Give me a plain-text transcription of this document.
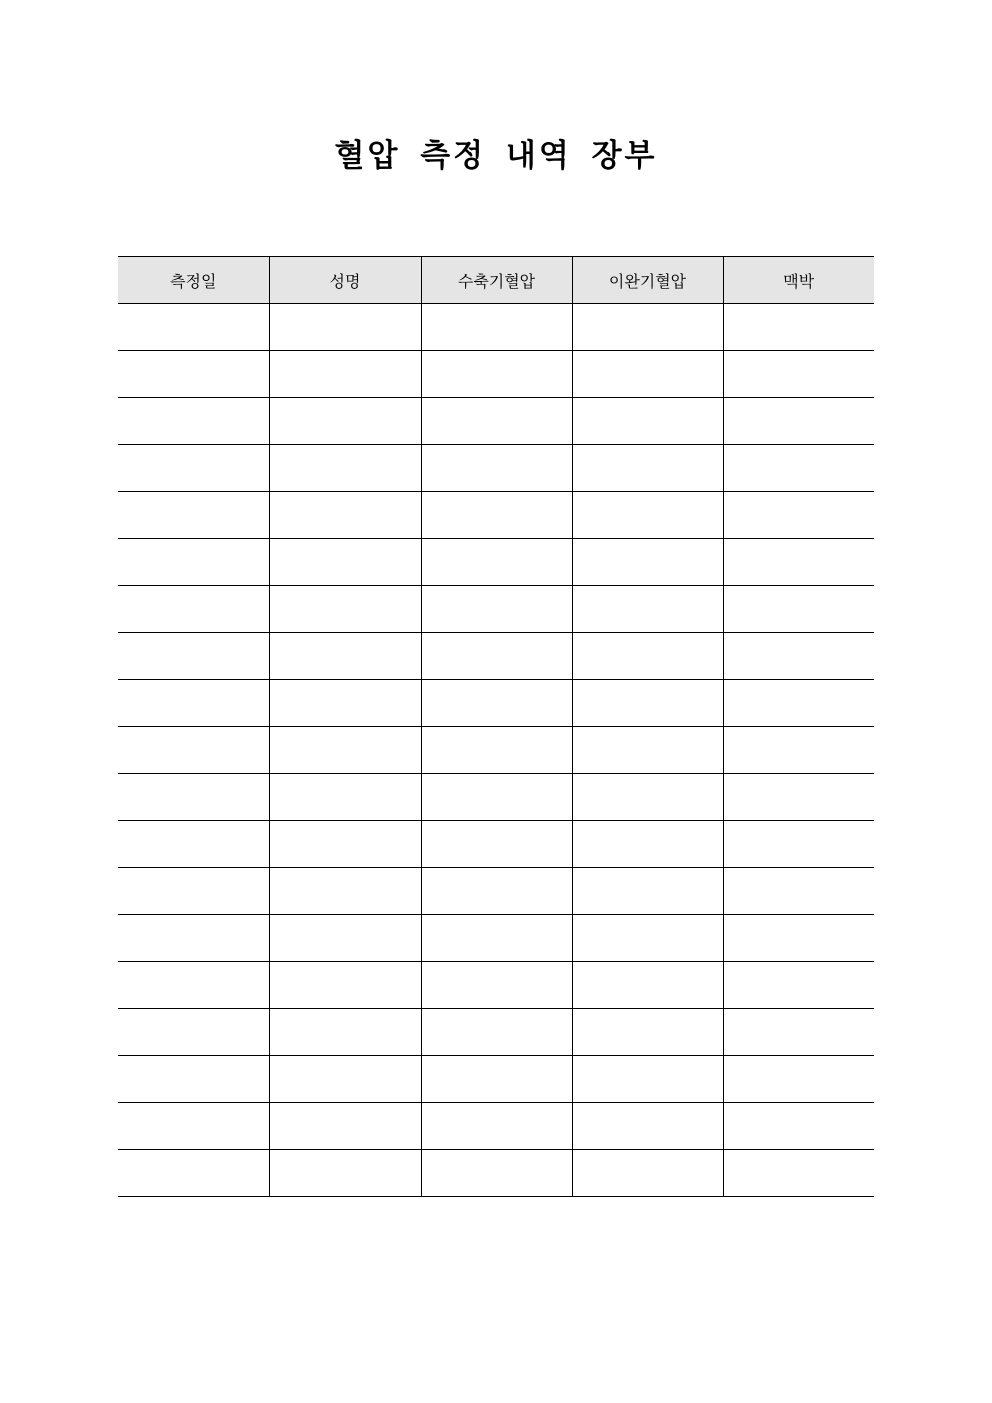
혈압 측정 내역 장부
측정일	성명	수축기혈압	이완기혈압	맥박
